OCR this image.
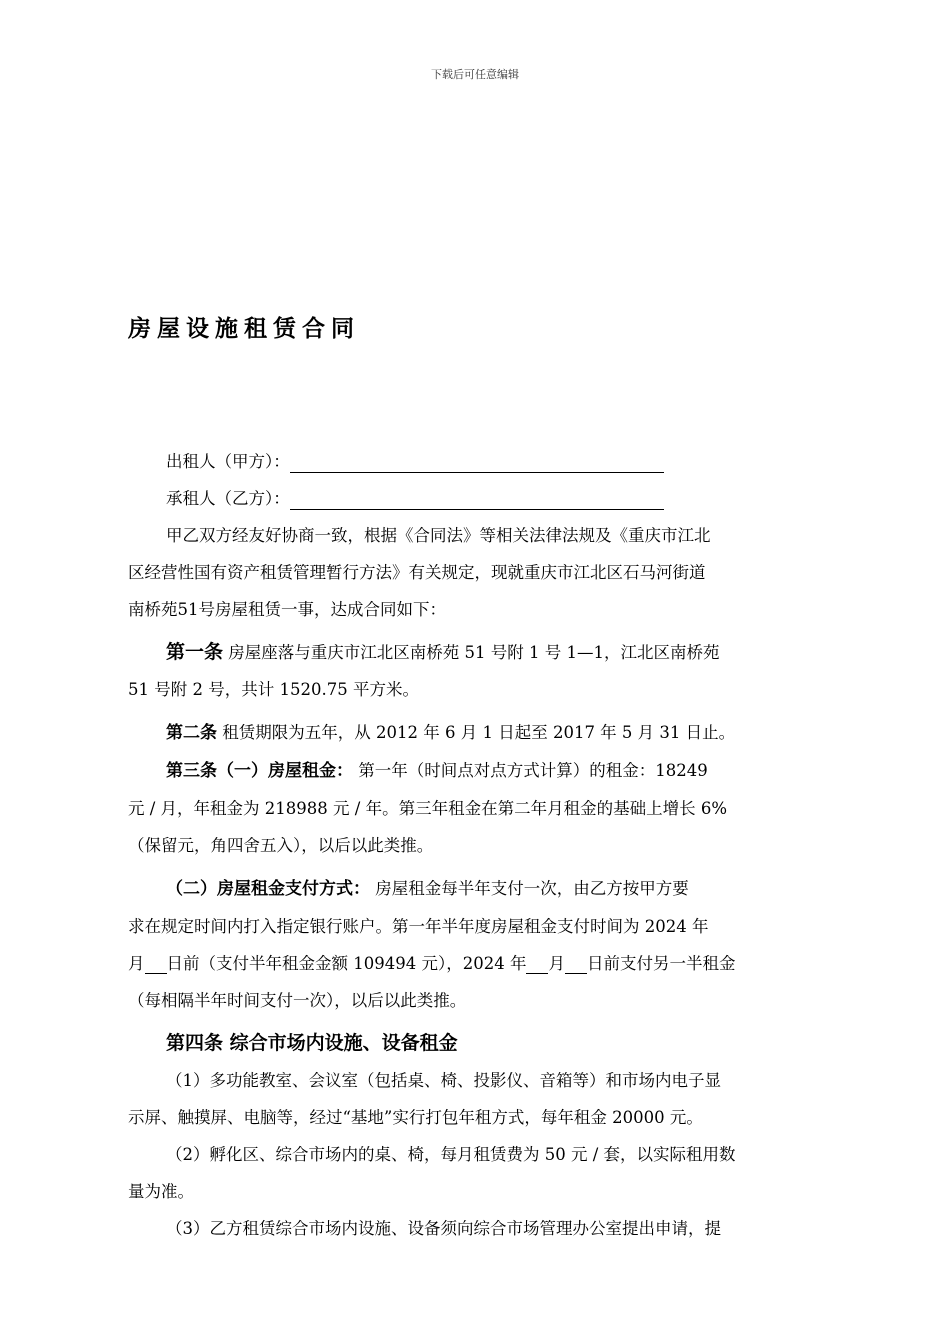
下载后可任意编辑
房屋设施租赁合同
出租人（甲方）：
承租人（乙方）：
甲乙双方经友好协商一致，根据《合同法》等相关法律法规及《重庆市江北
区经营性国有资产租赁管理暂行方法》有关规定，现就重庆市江北区石马河街道
南桥苑51号房屋租赁一事，达成合同如下：
第一条 房屋座落与重庆市江北区南桥苑 51 号附 1 号 1—1，江北区南桥苑
51 号附 2 号，共计 1520.75 平方米。
第二条 租赁期限为五年，从 2012 年 6 月 1 日起至 2017 年 5 月 31 日止。
第三条（一）房屋租金： 第一年（时间点对点方式计算）的租金：18249
元 / 月，年租金为 218988 元 / 年。第三年租金在第二年月租金的基础上增长 6%
（保留元，角四舍五入），以后以此类推。
（二）房屋租金支付方式： 房屋租金每半年支付一次，由乙方按甲方要
求在规定时间内打入指定银行账户。第一年半年度房屋租金支付时间为 2024 年
月 日前（支付半年租金金额 109494 元），2024 年 月 日前支付另一半租金
（每相隔半年时间支付一次），以后以此类推。
第四条 综合市场内设施、设备租金
（1）多功能教室、会议室（包括桌、椅、投影仪、音箱等）和市场内电子显
示屏、触摸屏、电脑等，经过“基地”实行打包年租方式，每年租金 20000 元。
（2）孵化区、综合市场内的桌、椅，每月租赁费为 50 元 / 套，以实际租用数
量为准。
（3）乙方租赁综合市场内设施、设备须向综合市场管理办公室提出申请，提
